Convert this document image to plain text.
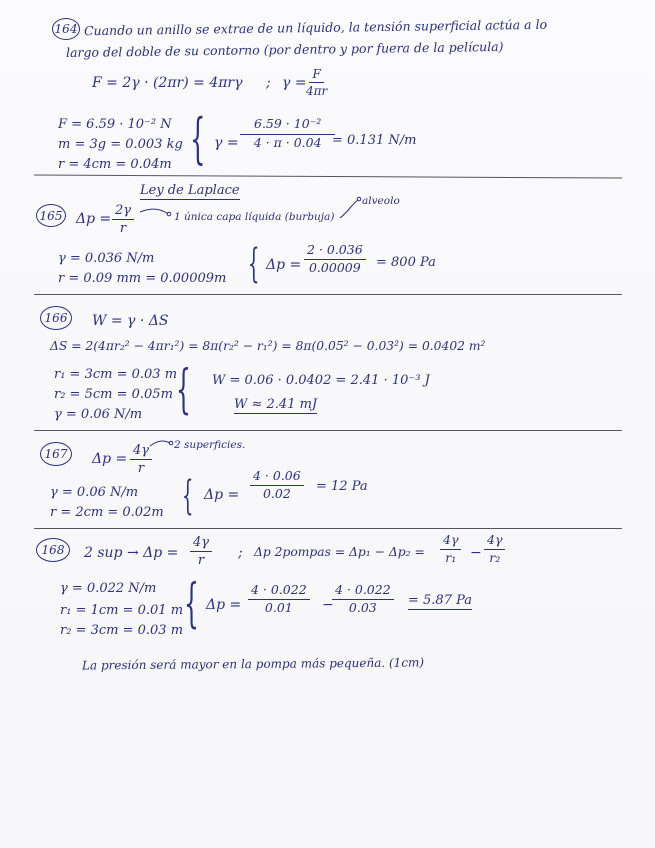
164 Cuando un anillo se extrae de un líquido, la tensión superficial actúa a lo
largo del doble de su contorno (por dentro y por fuera de la película)
F = 2γ · (2πr) = 4πrγ ; $\gamma = \frac{F}{4\pi r}$
F = 6.59 · 10⁻² N
m = 3g = 0.003 kg
r = 4cm = 0.04m { $\gamma = \frac{\text{6.59 · 10⁻²}}{4 \cdot \pi \cdot 0.04}$
= 0.131 N/m
Ley de Laplace
165 $\Delta p = \frac{2\gamma}{r}$
alveolo
1 única capa líquida (burbuja)
γ = 0.036 N/m
r = 0.09 mm = 0.00009m { $\Delta p = \frac{2 \cdot 0.036}{0.00009} = 800$ Pa
166	W = γ · ΔS
ΔS = 2(4πr₂² − 4πr₁²) = 8π(r₂² − r₁²) = 8π(0.05² − 0.03²) = 0.0402 m²
r₁ = 3cm = 0.03 m
r₂ = 5cm = 0.05m
γ = 0.06 N/m { W = 0.06 · 0.0402 = 2.41 · 10⁻³ J
W ≈ 2.41 mJ
167	$\Delta p = \frac{4\gamma}{r} 2$ superficies.
γ = 0.06 N/m
r = 2cm = 0.02m { $\Delta p = \frac{4 \cdot 0.06}{0.02} = 12$ Pa
168	2 sup → $\Delta p = \frac{4\gamma}{r}$ ; Δp 2pompas = $\Delta p_1 - \Delta p_2 = \frac{4\gamma}{\text{r₁}} - \frac{4\gamma}{\text{r₂}}$
γ = 0.022 N/m
r₁ = 1cm = 0.01 m
r₂ = 3cm = 0.03 m { $\Delta p = \frac{4 \cdot 0.022}{0.01}$ −
$\frac{4 \cdot 0.022}{0.03} = 5.87$ Pa
La presión será mayor en la pompa más pequeña. (1cm)
